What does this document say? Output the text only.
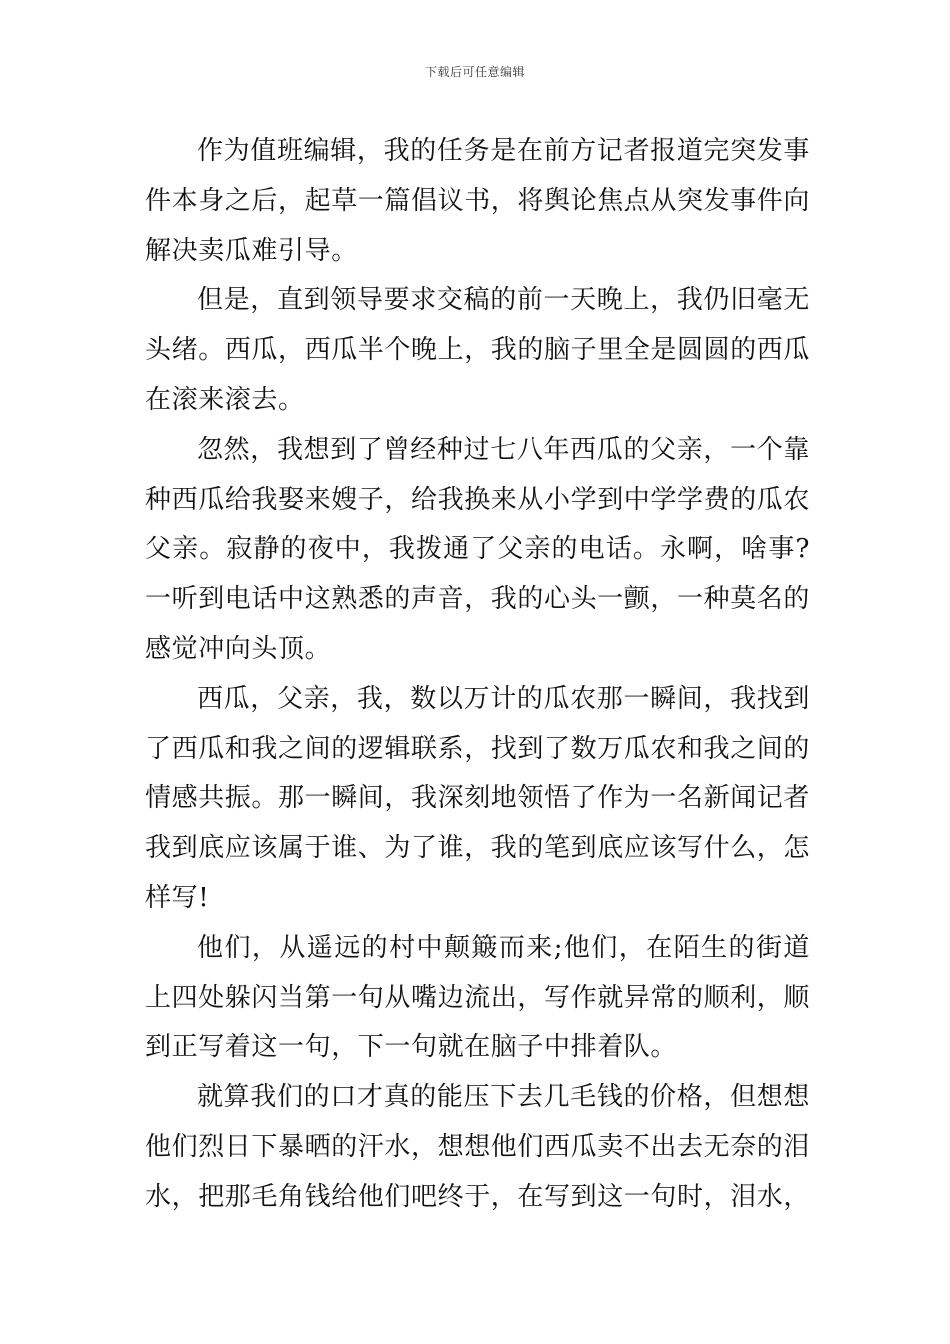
下载后可任意编辑

作为值班编辑，我的任务是在前方记者报道完突发事件本身之后，起草一篇倡议书，将舆论焦点从突发事件向解决卖瓜难引导。

但是，直到领导要求交稿的前一天晚上，我仍旧毫无头绪。西瓜，西瓜半个晚上，我的脑子里全是圆圆的西瓜在滚来滚去。

忽然，我想到了曾经种过七八年西瓜的父亲，一个靠种西瓜给我娶来嫂子，给我换来从小学到中学学费的瓜农父亲。寂静的夜中，我拨通了父亲的电话。永啊，啥事?一听到电话中这熟悉的声音，我的心头一颤，一种莫名的感觉冲向头顶。

西瓜，父亲，我，数以万计的瓜农那一瞬间，我找到了西瓜和我之间的逻辑联系，找到了数万瓜农和我之间的情感共振。那一瞬间，我深刻地领悟了作为一名新闻记者我到底应该属于谁、为了谁，我的笔到底应该写什么，怎样写!

他们，从遥远的村中颠簸而来;他们，在陌生的街道上四处躲闪当第一句从嘴边流出，写作就异常的顺利，顺到正写着这一句，下一句就在脑子中排着队。

就算我们的口才真的能压下去几毛钱的价格，但想想他们烈日下暴晒的汗水，想想他们西瓜卖不出去无奈的泪水，把那毛角钱给他们吧终于，在写到这一句时，泪水，
